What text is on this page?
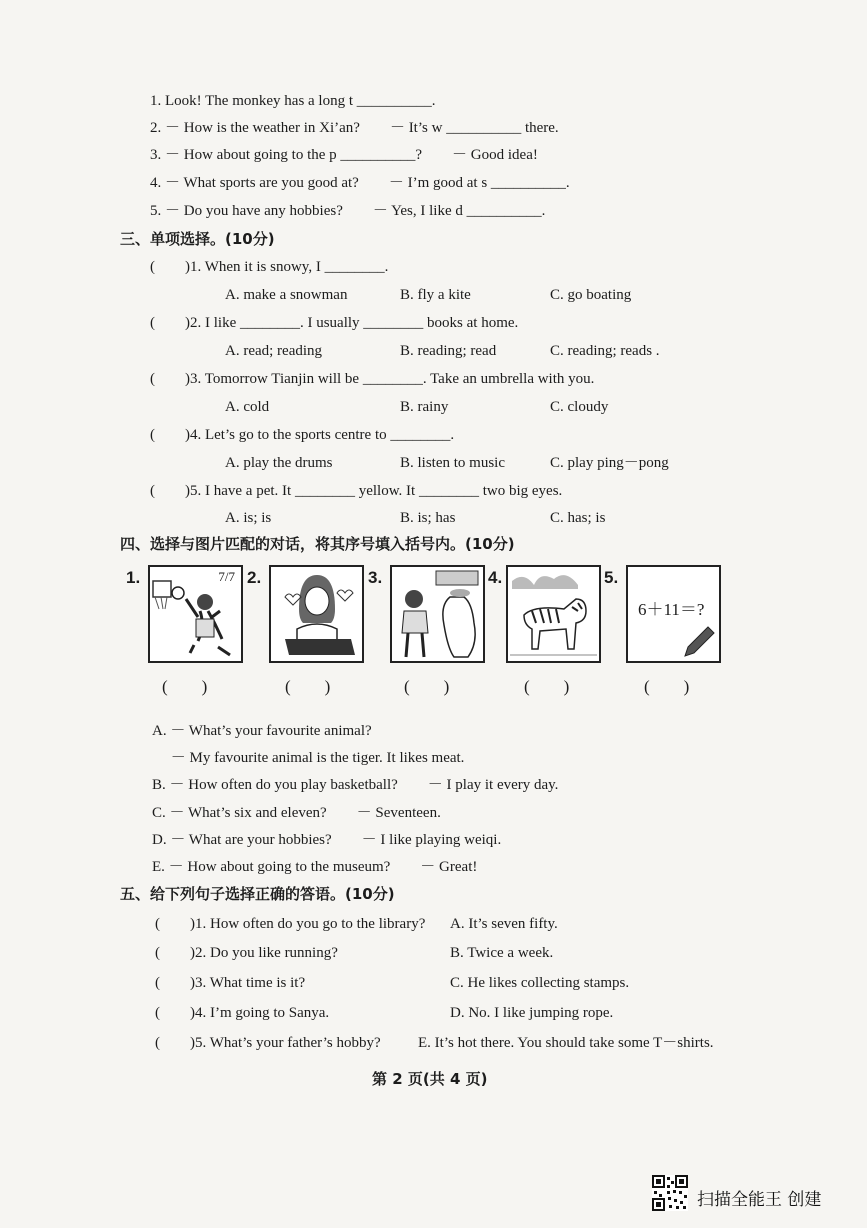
1. Look! The monkey has a long t __________.
2. － How is the weather in Xi’an?　　－ It’s w __________ there.
3. － How about going to the p __________?　　－ Good idea!
4. － What sports are you good at?　　－ I’m good at s __________.
5. － Do you have any hobbies?　　－ Yes, I like d __________.
三、单项选择。(10分)
(　　)1. When it is snowy, I ________.
A. make a snowman	B. fly a kite	C. go boating
(　　)2. I like ________. I usually ________ books at home.
A. read; reading	B. reading; read	C. reading; reads .
(　　)3. Tomorrow Tianjin will be ________. Take an umbrella with you.
A. cold	B. rainy	C. cloudy
(　　)4. Let’s go to the sports centre to ________.
A. play the drums	B. listen to music	C. play ping－pong
(　　)5. I have a pet. It ________ yellow. It ________ two big eyes.
A. is; is	B. is; has	C. has; is
四、选择与图片匹配的对话，将其序号填入括号内。(10分)
1.	7/7 2.	3.	4.	5.
6＋11＝?
(　　)	(　　)	(　　)	(　　)	(　　)
A. － What’s your favourite animal?
　 － My favourite animal is the tiger. It likes meat.
B. － How often do you play basketball?　　－ I play it every day.
C. － What’s six and eleven?　　－ Seventeen.
D. － What are your hobbies?　　－ I like playing weiqi.
E. － How about going to the museum?　　－ Great!
五、给下列句子选择正确的答语。(10分)
(　　)1. How often do you go to the library? A. It’s seven fifty.
(　　)2. Do you like running?	B. Twice a week.
(　　)3. What time is it?	C. He likes collecting stamps.
(　　)4. I’m going to Sanya.	D. No. I like jumping rope.
(　　)5. What’s your father’s hobby? E. It’s hot there. You should take some T－shirts.
第 2 页(共 4 页)
扫描全能王 创建
